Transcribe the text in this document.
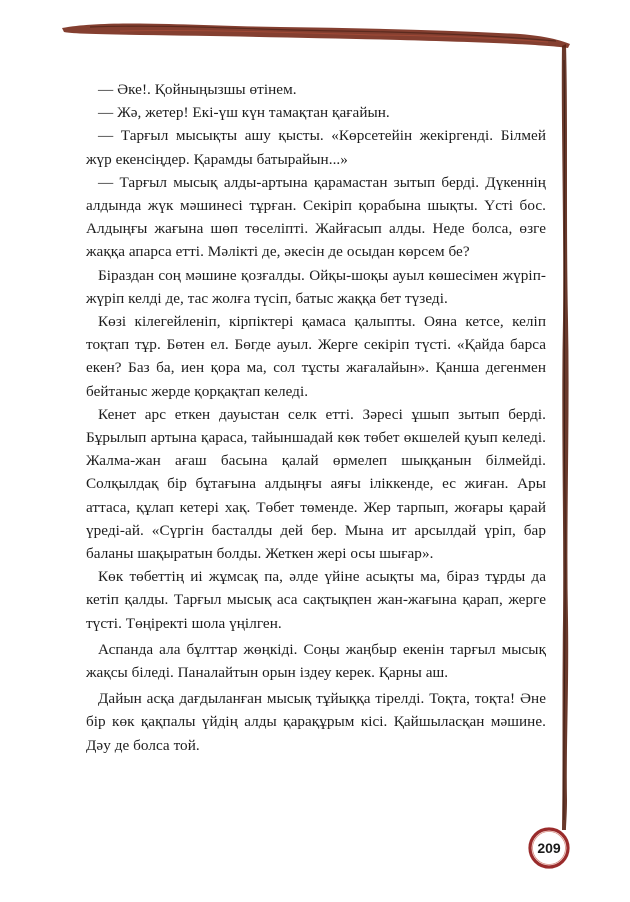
— Әке!. Қойныңызшы өтінем.

— Жә, жетер! Екі-үш күн тамақтан қағайын.

— Тарғыл мысықты ашу қысты. «Көрсетейін жекіргенді. Білмей жүр екенсіңдер. Қарамды батырайын...»

— Тарғыл мысық алды-артына қарамастан зытып берді. Дүкеннің алдында жүк мәшинесі тұрған. Секіріп қорабына шықты. Үсті бос. Алдыңғы жағына шөп төселіпті. Жайғасып алды. Неде болса, өзге жаққа апарса етті. Мәлікті де, әкесін де осыдан көрсем бе?

Біраздан соң мәшине қозғалды. Ойқы-шоқы ауыл көшесімен жүріп-жүріп келді де, тас жолға түсіп, батыс жаққа бет түзеді.

Көзі кілегейленіп, кірпіктері қамаса қалыпты. Ояна кетсе, келіп тоқтап тұр. Бөтен ел. Бөгде ауыл. Жерге секіріп түсті. «Қайда барса екен? Баз ба, иен қора ма, сол тұсты жағалайын». Қанша дегенмен бейтаныс жерде қорқақтап келеді.

Кенет арс еткен дауыстан селк етті. Зәресі ұшып зытып берді. Бұрылып артына қараса, тайыншадай көк төбет өкшелей қуып келеді. Жалма-жан ағаш басына қалай өрмелеп шыққанын білмейді. Солқылдақ бір бұтағына алдыңғы аяғы іліккенде, ес жиған. Ары аттаса, құлап кетері хақ. Төбет төменде. Жер тарпып, жоғары қарай үреді-ай. «Сүргін басталды дей бер. Мына ит арсылдай үріп, бар баланы шақыратын болды. Жеткен жері осы шығар».

Көк төбеттің иі жұмсақ па, әлде үйіне асықты ма, біраз тұрды да кетіп қалды. Тарғыл мысық аса сақтықпен жан-жағына қарап, жерге түсті. Төңіректі шола үңілген.

Аспанда ала бұлттар жөңкіді. Соңы жаңбыр екенін тарғыл мысық жақсы біледі. Паналайтын орын іздеу керек. Қарны аш.

Дайын асқа дағдыланған мысық тұйыққа тірелді. Тоқта, тоқта! Әне бір көк қақпалы үйдің алды қарақұрым кісі. Қайшыласқан мәшине. Дәу де болса той.

209
